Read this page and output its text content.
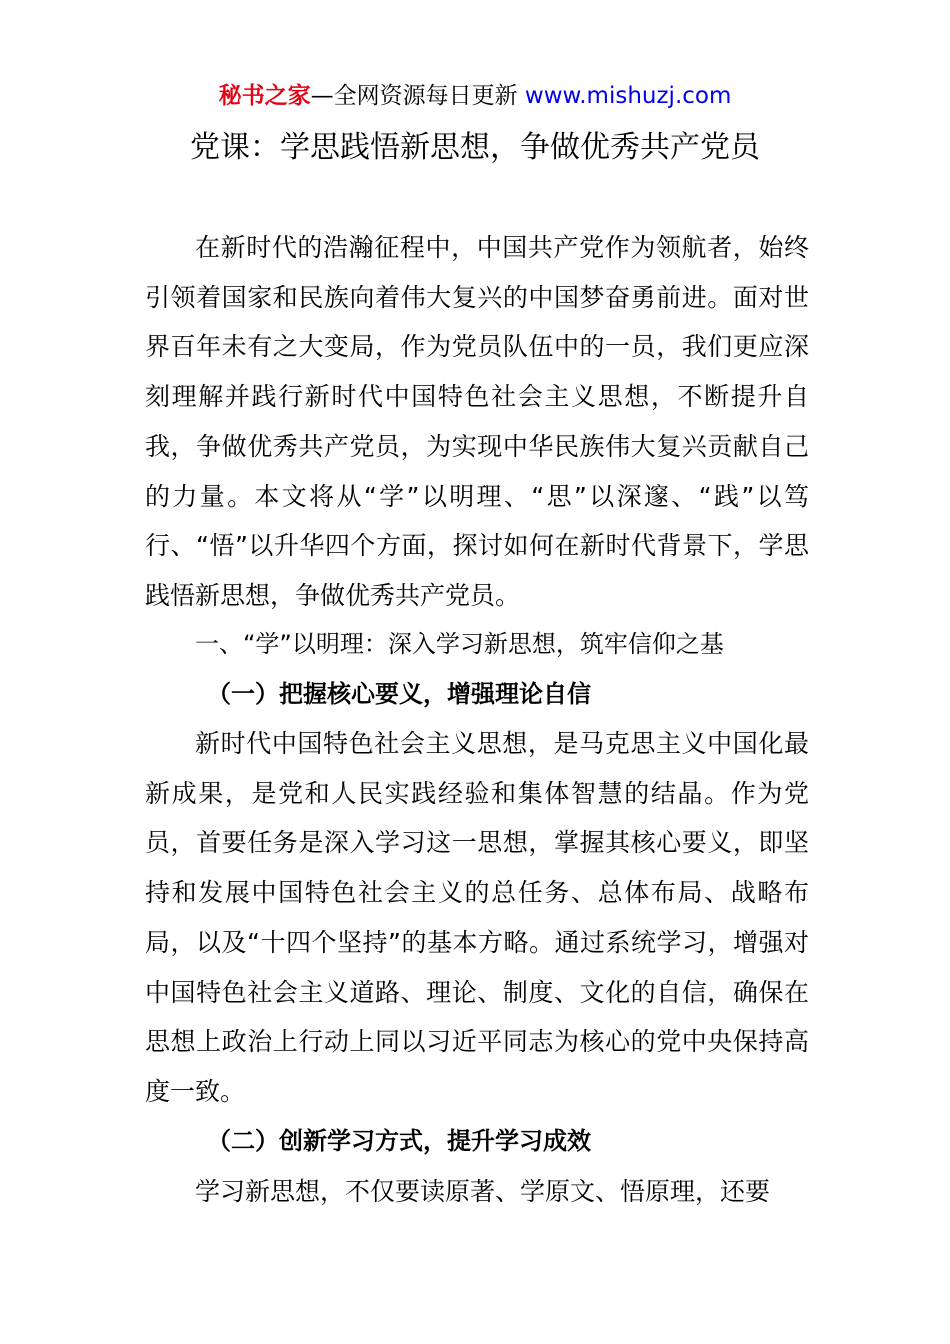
秘书之家—全网资源每日更新 www.mishuzj.com
党课：学思践悟新思想，争做优秀共产党员

在新时代的浩瀚征程中，中国共产党作为领航者，始终引领着国家和民族向着伟大复兴的中国梦奋勇前进。面对世界百年未有之大变局，作为党员队伍中的一员，我们更应深刻理解并践行新时代中国特色社会主义思想，不断提升自我，争做优秀共产党员，为实现中华民族伟大复兴贡献自己的力量。本文将从“学”以明理、“思”以深邃、“践”以笃行、“悟”以升华四个方面，探讨如何在新时代背景下，学思践悟新思想，争做优秀共产党员。

一、“学”以明理：深入学习新思想，筑牢信仰之基

（一）把握核心要义，增强理论自信

新时代中国特色社会主义思想，是马克思主义中国化最新成果，是党和人民实践经验和集体智慧的结晶。作为党员，首要任务是深入学习这一思想，掌握其核心要义，即坚持和发展中国特色社会主义的总任务、总体布局、战略布局，以及“十四个坚持”的基本方略。通过系统学习，增强对中国特色社会主义道路、理论、制度、文化的自信，确保在思想上政治上行动上同以习近平同志为核心的党中央保持高度一致。

（二）创新学习方式，提升学习成效

学习新思想，不仅要读原著、学原文、悟原理，还要
